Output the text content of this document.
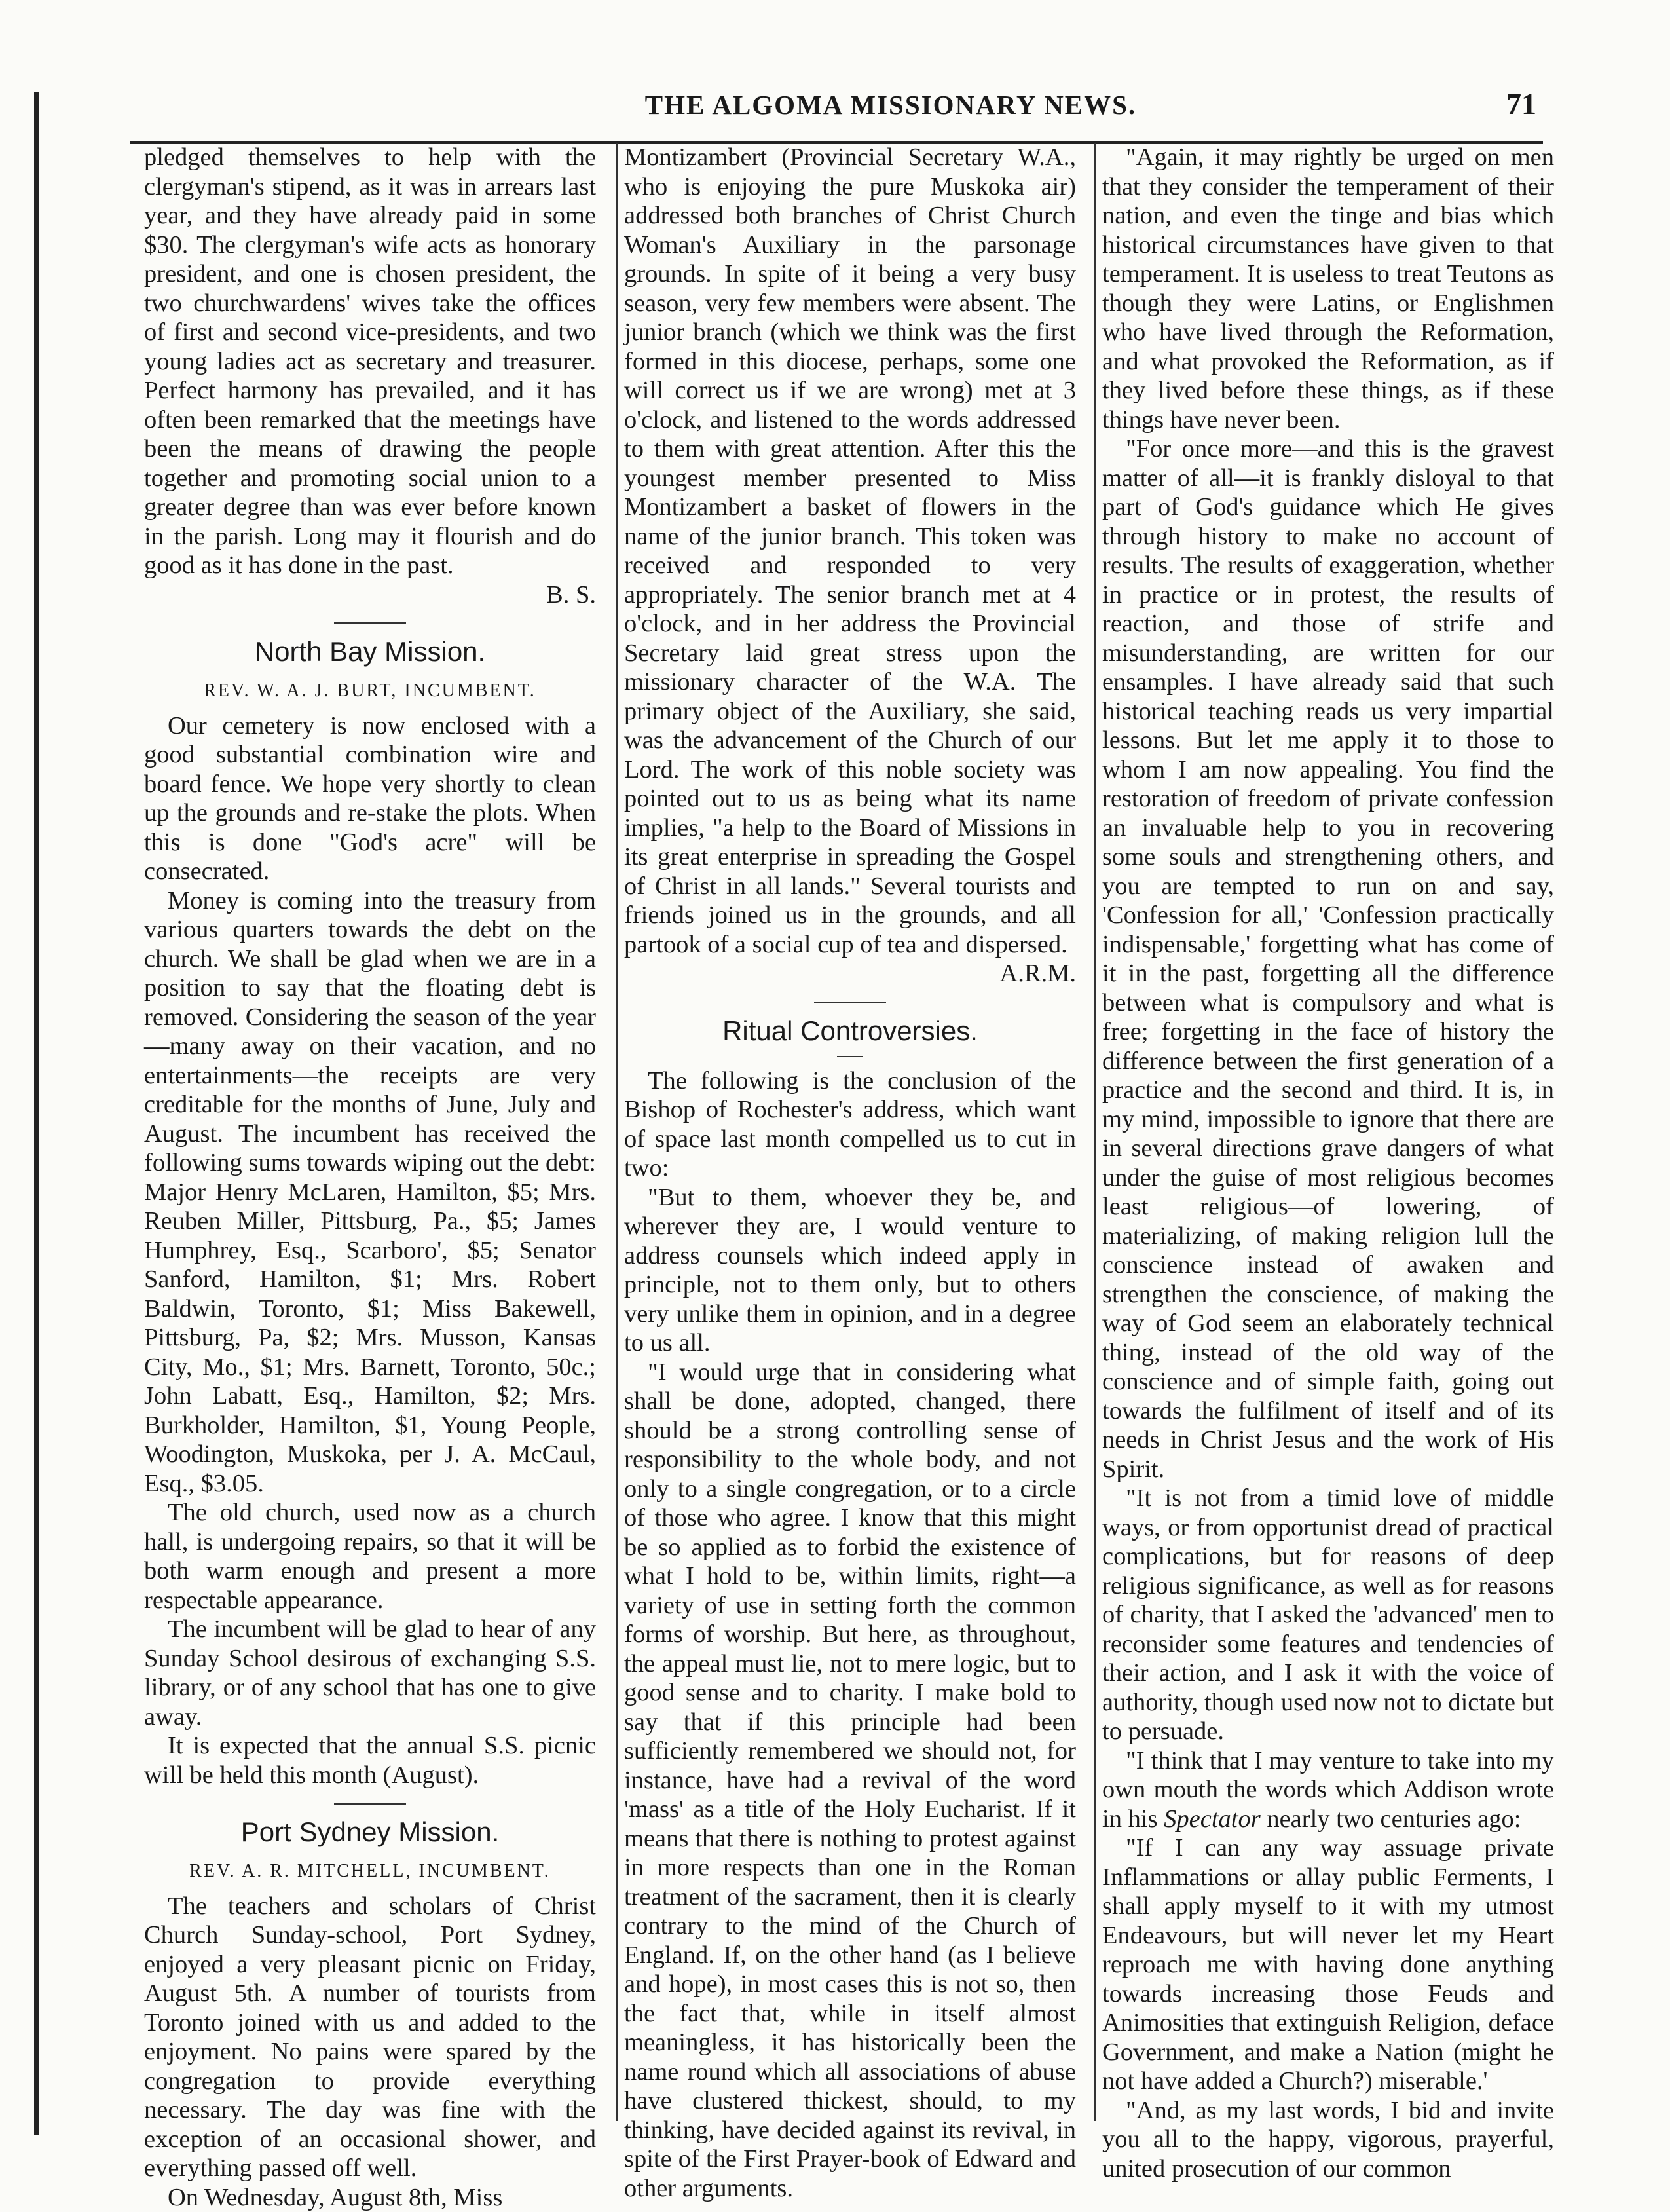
THE ALGOMA MISSIONARY NEWS.	71

pledged themselves to help with the clergyman's stipend, as it was in arrears last year, and they have already paid in some $30. The clergyman's wife acts as honorary president, and one is chosen president, the two churchwardens' wives take the offices of first and second vice-presidents, and two young ladies act as secretary and treasurer. Perfect harmony has prevailed, and it has often been remarked that the meetings have been the means of drawing the people together and promoting social union to a greater degree than was ever before known in the parish. Long may it flourish and do good as it has done in the past.

B. S.
North Bay Mission.
REV. W. A. J. BURT, INCUMBENT.

Our cemetery is now enclosed with a good substantial combination wire and board fence. We hope very shortly to clean up the grounds and re-stake the plots. When this is done "God's acre" will be consecrated.

Money is coming into the treasury from various quarters towards the debt on the church. We shall be glad when we are in a position to say that the floating debt is removed. Considering the season of the year—many away on their vacation, and no entertainments—the receipts are very creditable for the months of June, July and August. The incumbent has received the following sums towards wiping out the debt: Major Henry McLaren, Hamilton, $5; Mrs. Reuben Miller, Pittsburg, Pa., $5; James Humphrey, Esq., Scarboro', $5; Senator Sanford, Hamilton, $1; Mrs. Robert Baldwin, Toronto, $1; Miss Bakewell, Pittsburg, Pa, $2; Mrs. Musson, Kansas City, Mo., $1; Mrs. Barnett, Toronto, 50c.; John Labatt, Esq., Hamilton, $2; Mrs. Burkholder, Hamilton, $1, Young People, Woodington, Muskoka, per J. A. McCaul, Esq., $3.05.

The old church, used now as a church hall, is undergoing repairs, so that it will be both warm enough and present a more respectable appearance.

The incumbent will be glad to hear of any Sunday School desirous of exchanging S.S. library, or of any school that has one to give away.

It is expected that the annual S.S. picnic will be held this month (August).

Port Sydney Mission.
REV. A. R. MITCHELL, INCUMBENT.

The teachers and scholars of Christ Church Sunday-school, Port Sydney, enjoyed a very pleasant picnic on Friday, August 5th. A number of tourists from Toronto joined with us and added to the enjoyment. No pains were spared by the congregation to provide everything necessary. The day was fine with the exception of an occasional shower, and everything passed off well.

On Wednesday, August 8th, Miss

Montizambert (Provincial Secretary W.A., who is enjoying the pure Muskoka air) addressed both branches of Christ Church Woman's Auxiliary in the parsonage grounds. In spite of it being a very busy season, very few members were absent. The junior branch (which we think was the first formed in this diocese, perhaps, some one will correct us if we are wrong) met at 3 o'clock, and listened to the words addressed to them with great attention. After this the youngest member presented to Miss Montizambert a basket of flowers in the name of the junior branch. This token was received and responded to very appropriately. The senior branch met at 4 o'clock, and in her address the Provincial Secretary laid great stress upon the missionary character of the W.A. The primary object of the Auxiliary, she said, was the advancement of the Church of our Lord. The work of this noble society was pointed out to us as being what its name implies, "a help to the Board of Missions in its great enterprise in spreading the Gospel of Christ in all lands." Several tourists and friends joined us in the grounds, and all partook of a social cup of tea and dispersed.

A.R.M.
Ritual Controversies.

The following is the conclusion of the Bishop of Rochester's address, which want of space last month compelled us to cut in two:

"But to them, whoever they be, and wherever they are, I would venture to address counsels which indeed apply in principle, not to them only, but to others very unlike them in opinion, and in a degree to us all.

"I would urge that in considering what shall be done, adopted, changed, there should be a strong controlling sense of responsibility to the whole body, and not only to a single congregation, or to a circle of those who agree. I know that this might be so applied as to forbid the existence of what I hold to be, within limits, right—a variety of use in setting forth the common forms of worship. But here, as throughout, the appeal must lie, not to mere logic, but to good sense and to charity. I make bold to say that if this principle had been sufficiently remembered we should not, for instance, have had a revival of the word 'mass' as a title of the Holy Eucharist. If it means that there is nothing to protest against in more respects than one in the Roman treatment of the sacrament, then it is clearly contrary to the mind of the Church of England. If, on the other hand (as I believe and hope), in most cases this is not so, then the fact that, while in itself almost meaningless, it has historically been the name round which all associations of abuse have clustered thickest, should, to my thinking, have decided against its revival, in spite of the First Prayer-book of Edward and other arguments.

"Again, it may rightly be urged on men that they consider the temperament of their nation, and even the tinge and bias which historical circumstances have given to that temperament. It is useless to treat Teutons as though they were Latins, or Englishmen who have lived through the Reformation, and what provoked the Reformation, as if they lived before these things, as if these things have never been.

"For once more—and this is the gravest matter of all—it is frankly disloyal to that part of God's guidance which He gives through history to make no account of results. The results of exaggeration, whether in practice or in protest, the results of reaction, and those of strife and misunderstanding, are written for our ensamples. I have already said that such historical teaching reads us very impartial lessons. But let me apply it to those to whom I am now appealing. You find the restoration of freedom of private confession an invaluable help to you in recovering some souls and strengthening others, and you are tempted to run on and say, 'Confession for all,' 'Confession practically indispensable,' forgetting what has come of it in the past, forgetting all the difference between what is compulsory and what is free; forgetting in the face of history the difference between the first generation of a practice and the second and third. It is, in my mind, impossible to ignore that there are in several directions grave dangers of what under the guise of most religious becomes least religious—of lowering, of materializing, of making religion lull the conscience instead of awaken and strengthen the conscience, of making the way of God seem an elaborately technical thing, instead of the old way of the conscience and of simple faith, going out towards the fulfilment of itself and of its needs in Christ Jesus and the work of His Spirit.

"It is not from a timid love of middle ways, or from opportunist dread of practical complications, but for reasons of deep religious significance, as well as for reasons of charity, that I asked the 'advanced' men to reconsider some features and tendencies of their action, and I ask it with the voice of authority, though used now not to dictate but to persuade.

"I think that I may venture to take into my own mouth the words which Addison wrote in his Spectator nearly two centuries ago:

"If I can any way assuage private Inflammations or allay public Ferments, I shall apply myself to it with my utmost Endeavours, but will never let my Heart reproach me with having done anything towards increasing those Feuds and Animosities that extinguish Religion, deface Government, and make a Nation (might he not have added a Church?) miserable.'

"And, as my last words, I bid and invite you all to the happy, vigorous, prayerful, united prosecution of our common
